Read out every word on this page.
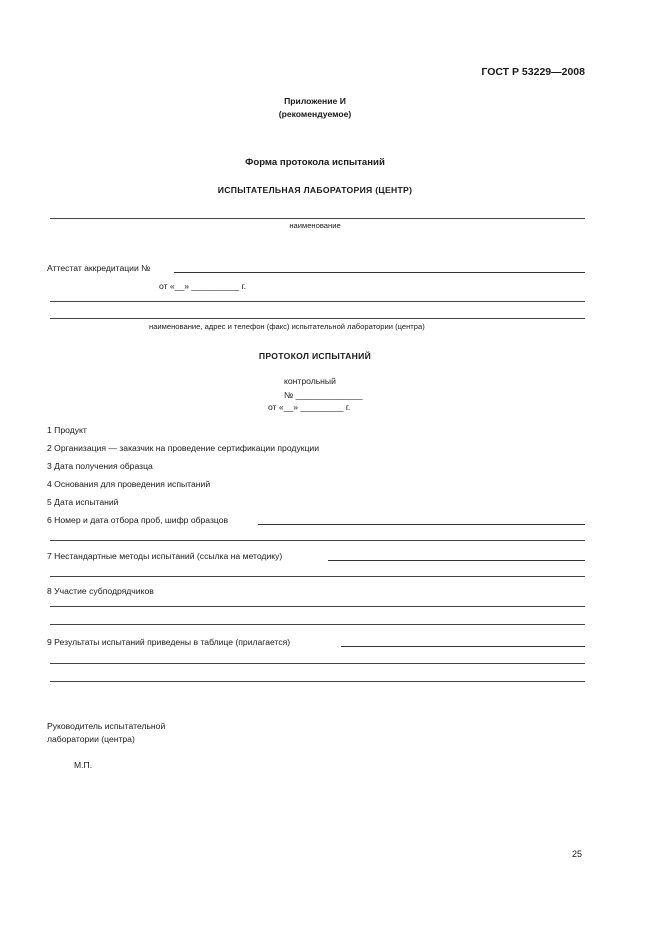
ГОСТ Р 53229—2008
Приложение И
(рекомендуемое)
Форма протокола испытаний
ИСПЫТАТЕЛЬНАЯ ЛАБОРАТОРИЯ (ЦЕНТР)
наименование
Аттестат аккредитации №
от «__» __________ г.
наименование, адрес и телефон (факс) испытательной лаборатории (центра)
ПРОТОКОЛ ИСПЫТАНИЙ
контрольный
№ ______________
от «__» _________ г.
1 Продукт
2 Организация — заказчик на проведение сертификации продукции
3 Дата получения образца
4 Основания для проведения испытаний
5 Дата испытаний
6 Номер и дата отбора проб, шифр образцов
7 Нестандартные методы испытаний (ссылка на методику)
8 Участие субподрядчиков
9 Результаты испытаний приведены в таблице (прилагается)
Руководитель испытательной
лаборатории (центра)
М.П.
25
